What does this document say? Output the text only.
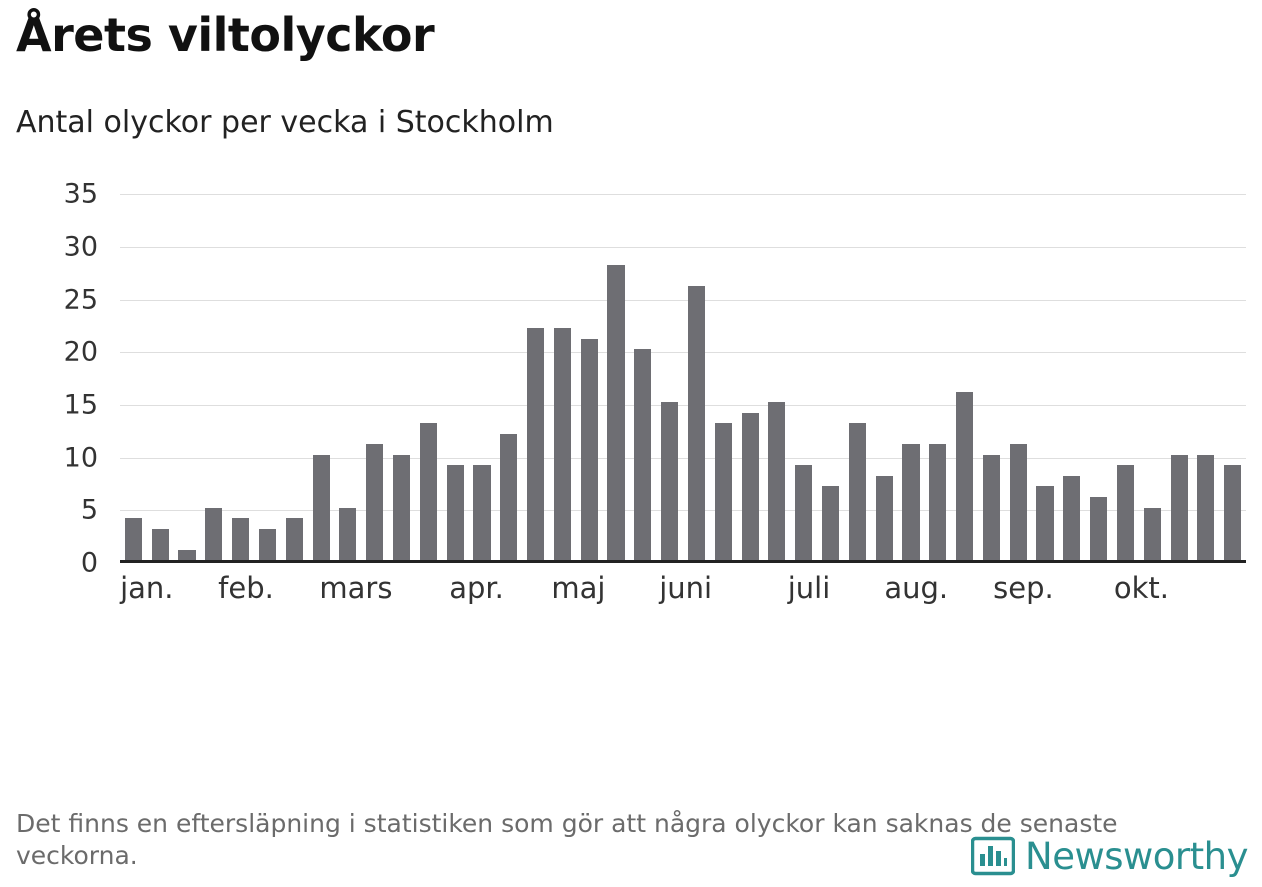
Årets viltolyckor
Antal olyckor per vecka i Stockholm
0
5
10
15
20
25
30
35
jan. feb. mars apr. maj juni	juli aug. sep. okt.
Det finns en eftersläpning i statistiken som gör att några olyckor kan saknas de senaste veckorna.	Newsworthy
